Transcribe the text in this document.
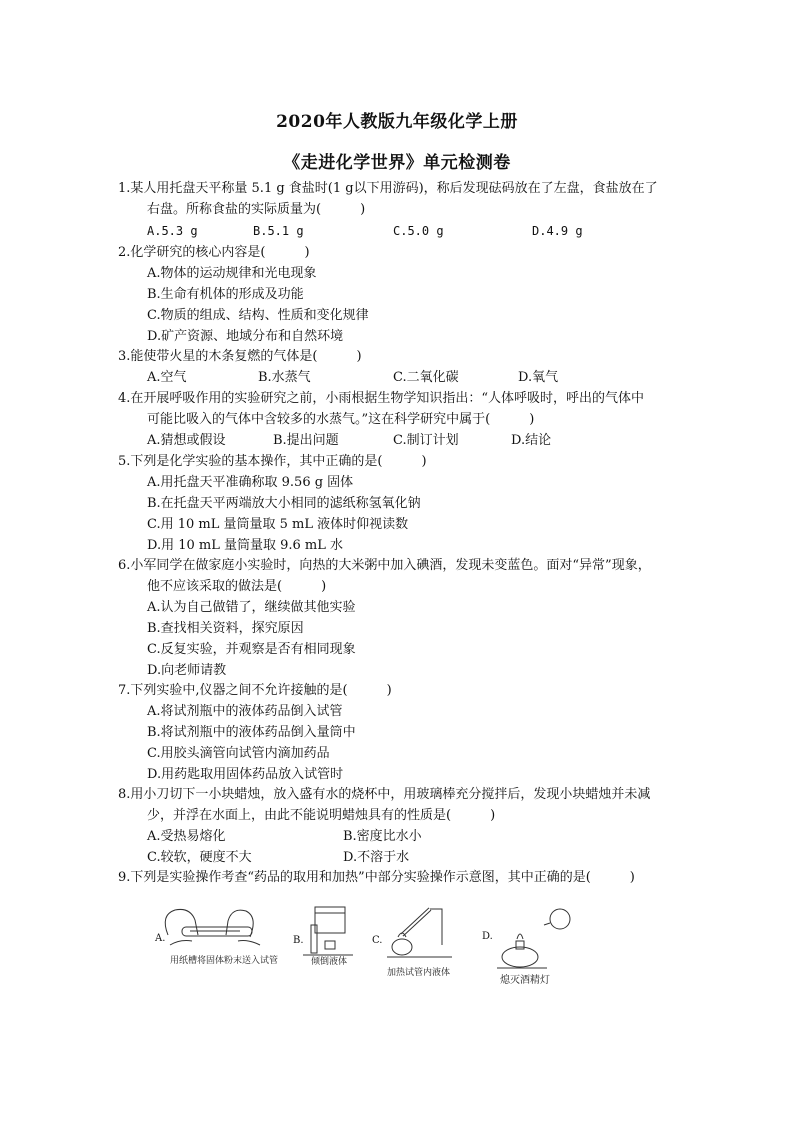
2020年人教版九年级化学上册
《走进化学世界》单元检测卷
1.某人用托盘天平称量 5.1 g 食盐时(1 g以下用游码)，称后发现砝码放在了左盘，食盐放在了
右盘。所称食盐的实际质量为(　　　)
A.5.3 g	B.5.1 g	C.5.0 g	D.4.9 g
2.化学研究的核心内容是(　　　)
A.物体的运动规律和光电现象
B.生命有机体的形成及功能
C.物质的组成、结构、性质和变化规律
D.矿产资源、地域分布和自然环境
3.能使带火星的木条复燃的气体是(　　　)
A.空气	B.水蒸气	C.二氧化碳	D.氧气
4.在开展呼吸作用的实验研究之前，小雨根据生物学知识指出：“人体呼吸时，呼出的气体中
可能比吸入的气体中含较多的水蒸气。”这在科学研究中属于(　　　)
A.猜想或假设	B.提出问题	C.制订计划	D.结论
5.下列是化学实验的基本操作，其中正确的是(　　　)
A.用托盘天平准确称取 9.56 g 固体
B.在托盘天平两端放大小相同的滤纸称氢氧化钠
C.用 10 mL 量筒量取 5 mL 液体时仰视读数
D.用 10 mL 量筒量取 9.6 mL 水
6.小军同学在做家庭小实验时，向热的大米粥中加入碘酒，发现未变蓝色。面对“异常”现象，
他不应该采取的做法是(　　　)
A.认为自己做错了，继续做其他实验
B.查找相关资料，探究原因
C.反复实验，并观察是否有相同现象
D.向老师请教
7.下列实验中,仪器之间不允许接触的是(　　　)
A.将试剂瓶中的液体药品倒入试管
B.将试剂瓶中的液体药品倒入量筒中
C.用胶头滴管向试管内滴加药品
D.用药匙取用固体药品放入试管时
8.用小刀切下一小块蜡烛，放入盛有水的烧杯中，用玻璃棒充分搅拌后，发现小块蜡烛并未减
少，并浮在水面上，由此不能说明蜡烛具有的性质是(　　　)
A.受热易熔化	B.密度比水小
C.较软，硬度不大	D.不溶于水
9.下列是实验操作考查“药品的取用和加热”中部分实验操作示意图，其中正确的是(　　　)
A.
用纸槽将固体粉末送入试管
B.
倾倒液体
C.
加热试管内液体
D.
熄灭酒精灯
